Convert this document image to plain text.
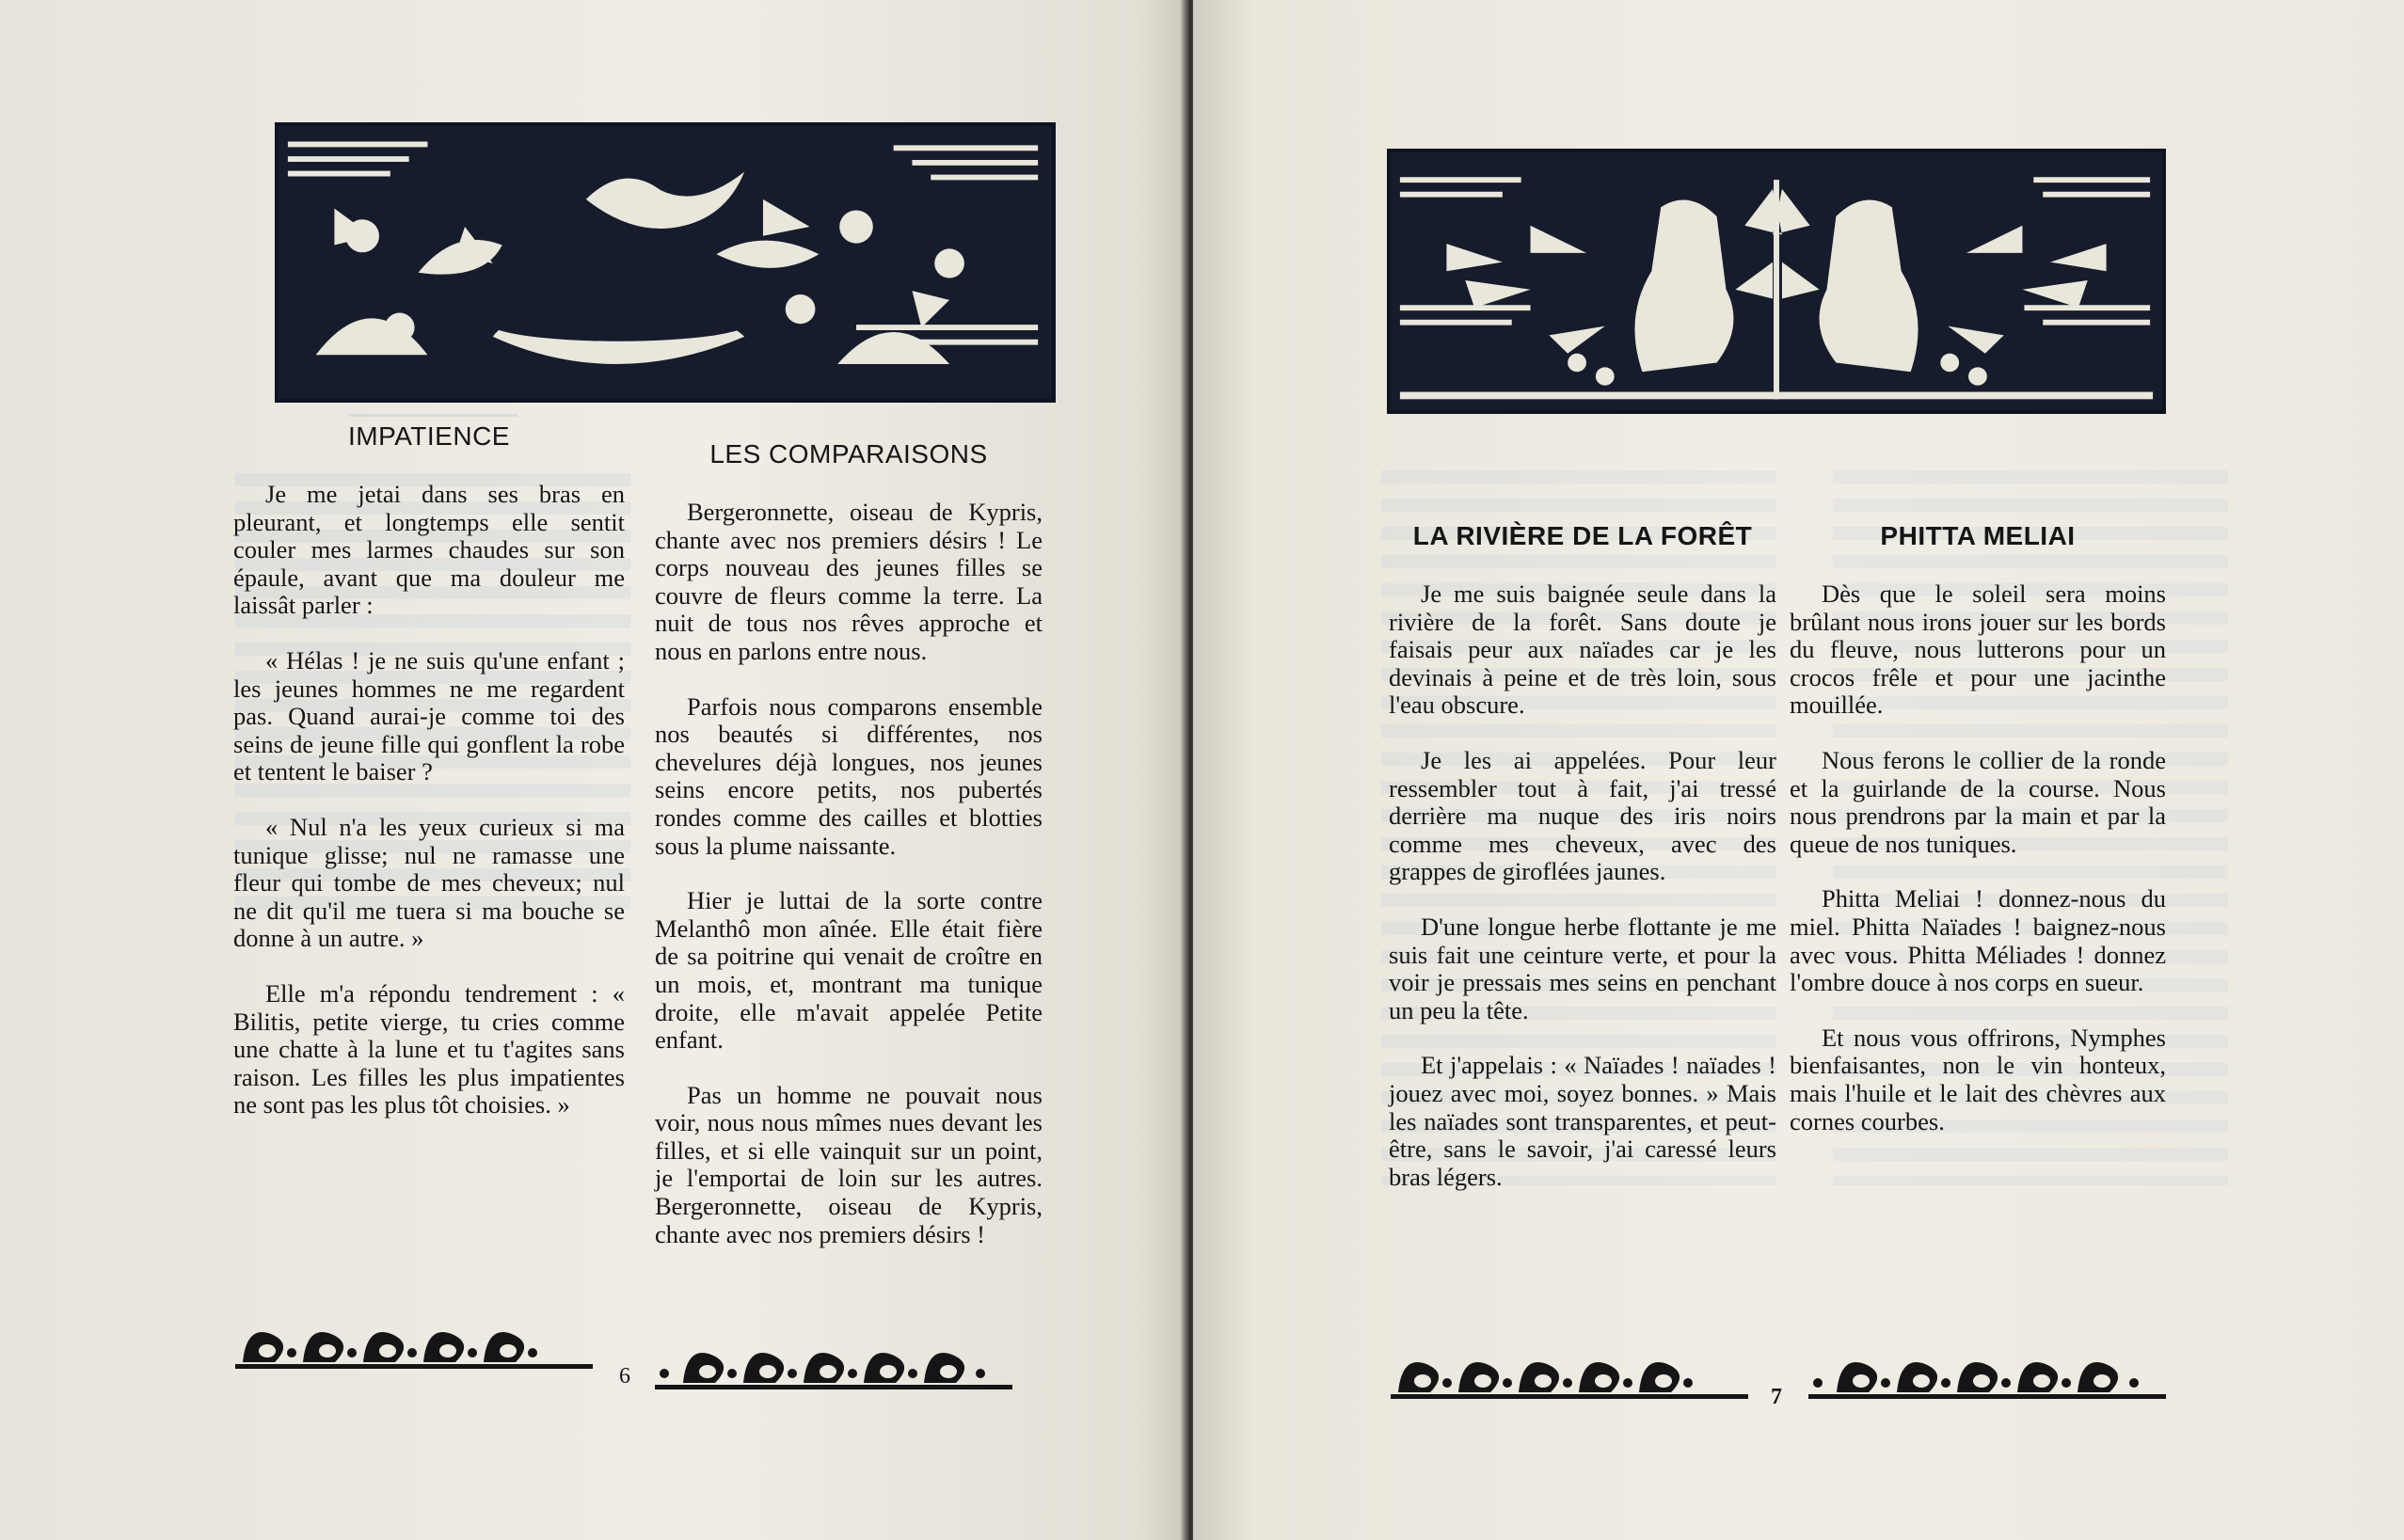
IMPATIENCE

Je me jetai dans ses bras en pleurant, et longtemps elle sentit couler mes larmes chaudes sur son épaule, avant que ma douleur me laissât parler :

« Hélas ! je ne suis qu'une enfant ; les jeunes hommes ne me regardent pas. Quand aurai-je comme toi des seins de jeune fille qui gonflent la robe et tentent le baiser ?

« Nul n'a les yeux curieux si ma tunique glisse; nul ne ramasse une fleur qui tombe de mes cheveux; nul ne dit qu'il me tuera si ma bouche se donne à un autre. »

Elle m'a répondu tendrement : « Bilitis, petite vierge, tu cries comme une chatte à la lune et tu t'agites sans raison. Les filles les plus impatientes ne sont pas les plus tôt choisies. »

LES COMPARAISONS

Bergeronnette, oiseau de Kypris, chante avec nos premiers désirs ! Le corps nouveau des jeunes filles se couvre de fleurs comme la terre. La nuit de tous nos rêves approche et nous en parlons entre nous.

Parfois nous comparons ensemble nos beautés si différentes, nos chevelures déjà longues, nos jeunes seins encore petits, nos pubertés rondes comme des cailles et blotties sous la plume naissante.

Hier je luttai de la sorte contre Melanthô mon aînée. Elle était fière de sa poitrine qui venait de croître en un mois, et, montrant ma tunique droite, elle m'avait appelée Petite enfant.

Pas un homme ne pouvait nous voir, nous nous mîmes nues devant les filles, et si elle vainquit sur un point, je l'emportai de loin sur les autres. Bergeronnette, oiseau de Kypris, chante avec nos premiers désirs !

6
LA RIVIÈRE DE LA FORÊT

Je me suis baignée seule dans la rivière de la forêt. Sans doute je faisais peur aux naïades car je les devinais à peine et de très loin, sous l'eau obscure.

Je les ai appelées. Pour leur ressembler tout à fait, j'ai tressé derrière ma nuque des iris noirs comme mes cheveux, avec des grappes de giroflées jaunes.

D'une longue herbe flottante je me suis fait une ceinture verte, et pour la voir je pressais mes seins en penchant un peu la tête.

Et j'appelais : « Naïades ! naïades ! jouez avec moi, soyez bonnes. » Mais les naïades sont transparentes, et peut-être, sans le savoir, j'ai caressé leurs bras légers.

PHITTA MELIAI

Dès que le soleil sera moins brûlant nous irons jouer sur les bords du fleuve, nous lutterons pour un crocos frêle et pour une jacinthe mouillée.

Nous ferons le collier de la ronde et la guirlande de la course. Nous nous prendrons par la main et par la queue de nos tuniques.

Phitta Meliai ! donnez-nous du miel. Phitta Naïades ! baignez-nous avec vous. Phitta Méliades ! donnez l'ombre douce à nos corps en sueur.

Et nous vous offrirons, Nymphes bienfaisantes, non le vin honteux, mais l'huile et le lait des chèvres aux cornes courbes.

7
